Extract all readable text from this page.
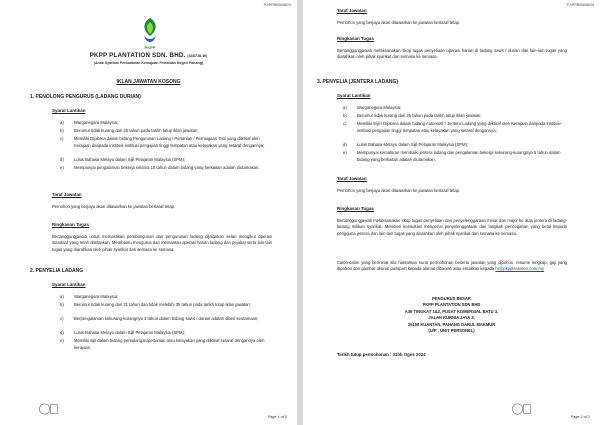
PJ/PPB/05/08/24
PKPP
PKPP PLANTATION SDN. BHD. (338728-W)
(Anak Syarikat Perbadanan Kemajuan Pertanian Negeri Pahang)
IKLAN JAWATAN KOSONG
1. PENOLONG PENGURUS (LADANG DURIAN)
Syarat Lantikan
a)	Warganegara Malaysia;
b)	Berumur tidak kurang dari 25 tahun pada tarikh tutup iklan jawatan;
c)	Memiliki Diploma dalam bidang Pengurusan Ladang / Pertanian / Perniagaan Tani yang diiktiraf oleh Kerajaan daripada institusi-institusi pengajian tinggi tempatan atau kelayakan yang setaraf dengannya;
d)	Lulus Bahasa Melayu dalam Sijil Pelajaran Malaysia (SPM);
e)	Mempunyai pengalaman bekerja selama 10 tahun dalam bidang yang berkaitan adalah diutamakan.
Taraf Jawatan
Pemohon yang berjaya akan ditawarkan ke jawatan bertaraf tetap.
Ringkasan Tugas
Bertanggungjawab untuk memastikan pembangunan dan pengurusan ladang dijalankan selari mengikut operasi standard yang telah ditetapkan. Membantu mengurus dan memantau operasi harian ladang dan pejabat serta lain-lain tugas yang diarahkan oleh pihak syarikat dari semasa ke semasa.
2. PENYELIA LADANG
Syarat Lantikan
a)	Warganegara Malaysia;
b)	Berumur tidak kurang dari 21 tahun dan tidak melebihi 35 tahun pada tarikh tutup iklan jawatan;
c)	Berpengalaman sekurang-kurangnya 3 tahun dalam bidang sawit / durian adalah diberi keutamaan;
d)	Lulus Bahasa Melayu dalam Sijil Pelajaran Malaysia (SPM);
e)	Memiliki sijil dalam bidang perladangan/pertanian atau kelayakan yang diiktiraf setaraf dengannya oleh kerajaan.
Page 1 of 2
PJ/PPB/05/08/24
Taraf Jawatan
Pemohon yang berjaya akan ditawarkan ke jawatan bertaraf tetap.
Ringkasan Tugas
Bertanggungjawab melaksanakan skop tugas penyeliaan operasi harian di ladang sawit / durian dan lain-lain tugas yang diarahkan oleh pihak syarikat dari semasa ke semasa.
3. PENYELIA (JENTERA LADANG)
Syarat Lantikan
a)	Warganegara Malaysia;
b)	Berumur tidak kurang dari 25 tahun pada tarikh tutup iklan jawatan;
c)	Memiliki Sijil / Diploma dalam bidang Automotif / Jentera Ladang yang diiktiraf oleh Kerajaan daripada institusi-institusi pengajian tinggi tempatan atau kelayakan yang setaraf dengannya;
d)	Lulus Bahasa Melayu dalam Sijil Pelajaran Malaysia (SPM);
e)	Mempunyai kemahiran membaiki jentera ladang dan pengalaman bekerja sekurang-kurangnya 5 tahun dalam bidang yang berkaitan adalah diutamakan.
Taraf Jawatan
Pemohon yang berjaya akan ditawarkan ke jawatan bertaraf tetap.
Ringkasan Tugas
Bertanggungjawab melaksanakan skop tugas penyeliaan dan penyelenggaraan minor dan major ke atas jentera di ladang-ladang milikan syarikat. Memberi konsultasi mengenai penyelenggaraan dan langkah pencegahan yang betul kepada pengguna jentera dan lain-lain tugas yang diarahkan oleh pihak syarikat dari semasa ke semasa.
Calon-calon yang berminat sila hantarkan surat permohonan beserta jawatan yang dipohon, resume lengkap, gaji yang dipohon dan gambar ukuran passport kepada alamat dibawah atau emailkan kepada hr@pkpplantation.com.my
PENGURUS BESAR
PKPP PLANTATION SDN BHD
A49 TINGKAT 1&2, PUSAT KOMERSIAL BATU 3,
JALAN KURNIA JAYA 3,
25150 KUANTAN, PAHANG DARUL MAKMUR
(U/P : UNIT PERSONEL)
Tarikh tutup permohonan : 31hb Ogos 2024
Page 2 of 2
